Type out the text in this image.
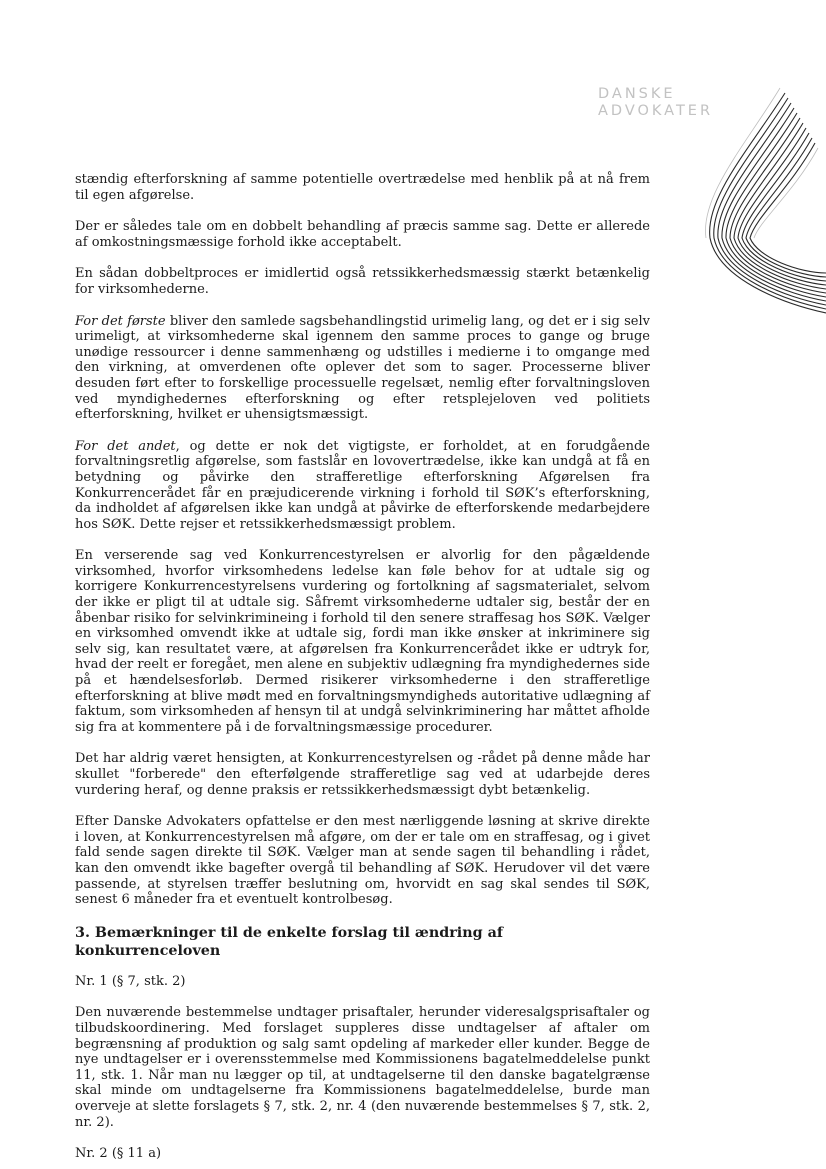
DANSKE
ADVOKATER

stændig efterforskning af samme potentielle overtrædelse med henblik på at nå frem til egen afgørelse.

Der er således tale om en dobbelt behandling af præcis samme sag. Dette er allerede af omkostningsmæssige forhold ikke acceptabelt.

En sådan dobbeltproces er imidlertid også retssikkerhedsmæssig stærkt betænkelig for virksomhederne.

For det første bliver den samlede sagsbehandlingstid urimelig lang, og det er i sig selv urimeligt, at virksomhederne skal igennem den samme proces to gange og bruge unødige ressourcer i denne sammenhæng og udstilles i medierne i to omgange med den virkning, at omverdenen ofte oplever det som to sager. Processerne bliver desuden ført efter to forskellige processuelle regelsæt, nemlig efter forvaltningsloven ved myndighedernes efterforskning og efter retsplejeloven ved politiets efterforskning, hvilket er uhensigtsmæssigt.

For det andet, og dette er nok det vigtigste, er forholdet, at en forudgående forvaltningsretlig afgørelse, som fastslår en lovovertrædelse, ikke kan undgå at få en betydning og påvirke den strafferetlige efterforskning Afgørelsen fra Konkurrencerådet får en præjudicerende virkning i forhold til SØK’s efterforskning, da indholdet af afgørelsen ikke kan undgå at påvirke de efterforskende medarbejdere hos SØK. Dette rejser et retssikkerhedsmæssigt problem.

En verserende sag ved Konkurrencestyrelsen er alvorlig for den pågældende virksomhed, hvorfor virksomhedens ledelse kan føle behov for at udtale sig og korrigere Konkurrencestyrelsens vurdering og fortolkning af sagsmaterialet, selvom der ikke er pligt til at udtale sig. Såfremt virksomhederne udtaler sig, består der en åbenbar risiko for selvinkrimineing i forhold til den senere straffesag hos SØK. Vælger en virksomhed omvendt ikke at udtale sig, fordi man ikke ønsker at inkriminere sig selv sig, kan resultatet være, at afgørelsen fra Konkurrencerådet ikke er udtryk for, hvad der reelt er foregået, men alene en subjektiv udlægning fra myndighedernes side på et hændelsesforløb. Dermed risikerer virksomhederne i den strafferetlige efterforskning at blive mødt med en forvaltningsmyndigheds autoritative udlægning af faktum, som virksomheden af hensyn til at undgå selvinkriminering har måttet afholde sig fra at kommentere på i de forvaltningsmæssige procedurer.

Det har aldrig været hensigten, at Konkurrencestyrelsen og -rådet på denne måde har skullet "forberede" den efterfølgende strafferetlige sag ved at udarbejde deres vurdering heraf, og denne praksis er retssikkerhedsmæssigt dybt betænkelig.

Efter Danske Advokaters opfattelse er den mest nærliggende løsning at skrive direkte i loven, at Konkurrencestyrelsen må afgøre, om der er tale om en straffesag, og i givet fald sende sagen direkte til SØK. Vælger man at sende sagen til behandling i rådet, kan den omvendt ikke bagefter overgå til behandling af SØK. Herudover vil det være passende, at styrelsen træffer beslutning om, hvorvidt en sag skal sendes til SØK, senest 6 måneder fra et eventuelt kontrolbesøg.

3. Bemærkninger til de enkelte forslag til ændring af konkurrenceloven

Nr. 1 (§ 7, stk. 2)

Den nuværende bestemmelse undtager prisaftaler, herunder videresalgsprisaftaler og tilbudskoordinering. Med forslaget suppleres disse undtagelser af aftaler om begrænsning af produktion og salg samt opdeling af markeder eller kunder. Begge de nye undtagelser er i overensstemmelse med Kommissionens bagatelmeddelelse punkt 11, stk. 1. Når man nu lægger op til, at undtagelserne til den danske bagatelgrænse skal minde om undtagelserne fra Kommissionens bagatelmeddelelse, burde man overveje at slette forslagets § 7, stk. 2, nr. 4 (den nuværende bestemmelses § 7, stk. 2, nr. 2).

Nr. 2 (§ 11 a)
